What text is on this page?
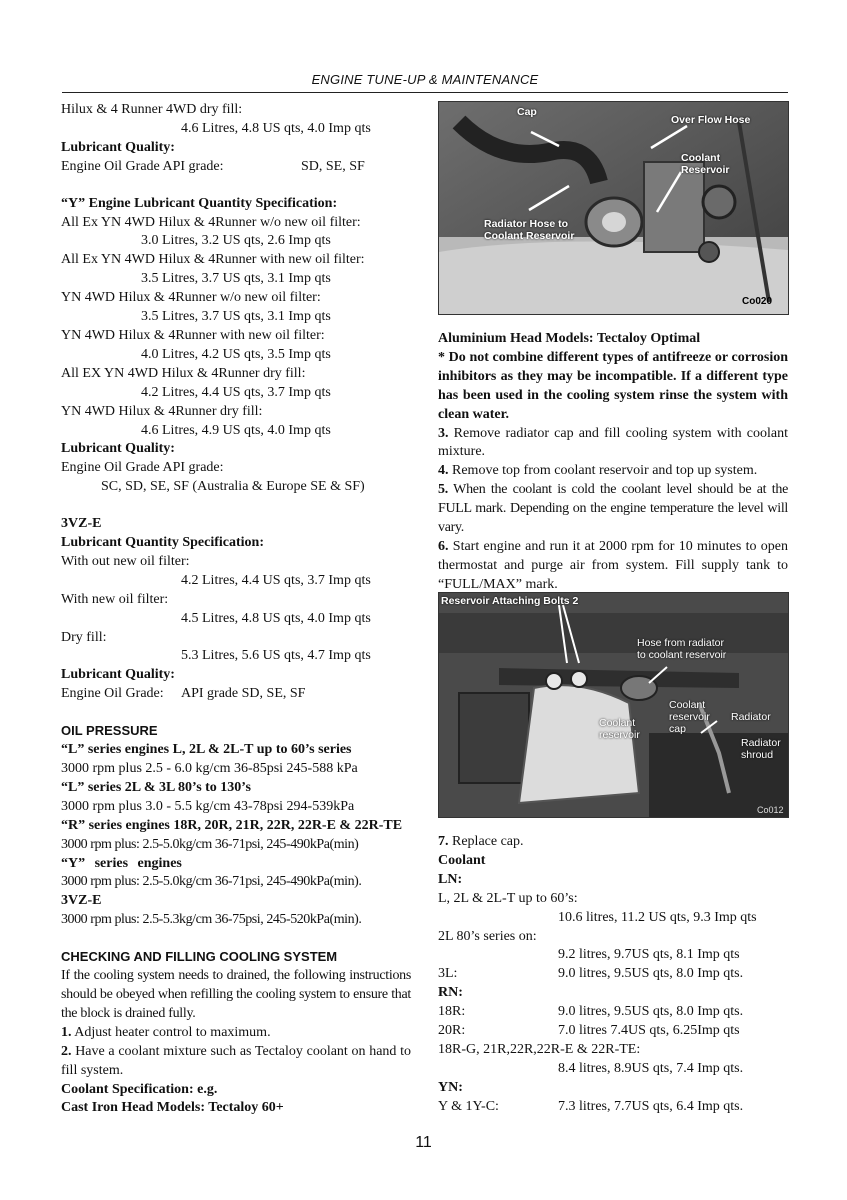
ENGINE TUNE-UP & MAINTENANCE
Hilux & 4 Runner 4WD dry fill:
4.6 Litres, 4.8 US qts, 4.0 Imp qts
Lubricant Quality:
Engine Oil Grade API grade:	SD, SE, SF
“Y” Engine Lubricant Quantity Specification:
All Ex YN 4WD Hilux & 4Runner w/o new oil filter:
3.0 Litres, 3.2 US qts, 2.6 Imp qts
All Ex YN 4WD Hilux & 4Runner with new oil filter:
3.5 Litres, 3.7 US qts, 3.1 Imp qts
YN 4WD Hilux & 4Runner w/o new oil filter:
3.5 Litres, 3.7 US qts, 3.1 Imp qts
YN 4WD Hilux & 4Runner with new oil filter:
4.0 Litres, 4.2 US qts, 3.5 Imp qts
All EX YN 4WD Hilux & 4Runner dry fill:
4.2 Litres, 4.4 US qts, 3.7 Imp qts
YN 4WD Hilux & 4Runner dry fill:
4.6 Litres, 4.9 US qts, 4.0 Imp qts
Lubricant Quality:
Engine Oil Grade API grade:
SC, SD, SE, SF (Australia & Europe SE & SF)
3VZ-E
Lubricant Quantity Specification:
With out new oil filter:
4.2 Litres, 4.4 US qts, 3.7 Imp qts
With new oil filter:
4.5 Litres, 4.8 US qts, 4.0 Imp qts
Dry fill:
5.3 Litres, 5.6 US qts, 4.7 Imp qts
Lubricant Quality:
Engine Oil Grade: API grade SD, SE, SF
OIL PRESSURE
“L” series engines L, 2L & 2L-T up to 60’s series
3000 rpm plus 2.5 - 6.0 kg/cm 36-85psi 245-588 kPa
“L” series 2L & 3L 80’s to 130’s
3000 rpm plus 3.0 - 5.5 kg/cm 43-78psi 294-539kPa
“R” series engines 18R, 20R, 21R, 22R, 22R-E & 22R-TE
3000 rpm plus: 2.5-5.0kg/cm 36-71psi, 245-490kPa(min)
“Y” series engines
3000 rpm plus: 2.5-5.0kg/cm 36-71psi, 245-490kPa(min).
3VZ-E
3000 rpm plus: 2.5-5.3kg/cm 36-75psi, 245-520kPa(min).
CHECKING AND FILLING COOLING SYSTEM
If the cooling system needs to drained, the following instructions should be obeyed when refilling the cooling system to ensure that the block is drained fully.
1. Adjust heater control to maximum.
2. Have a coolant mixture such as Tectaloy coolant on hand to fill system.
Coolant Specification: e.g.
Cast Iron Head Models: Tectaloy 60+
Cap
Over Flow Hose
Coolant
Reservoir
Radiator Hose to
Coolant Reservoir
Co020
Aluminium Head Models: Tectaloy Optimal
* Do not combine different types of antifreeze or corrosion inhibitors as they may be incompatible. If a different type has been used in the cooling system rinse the system with clean water.
3. Remove radiator cap and fill cooling system with coolant mixture.
4. Remove top from coolant reservoir and top up system.
5. When the coolant is cold the coolant level should be at the FULL mark. Depending on the engine temperature the level will vary.
6. Start engine and run it at 2000 rpm for 10 minutes to open thermostat and purge air from system. Fill supply tank to “FULL/MAX” mark.
Reservoir Attaching Bolts 2
Hose from radiator
to coolant reservoir
Coolant
reservoir
cap
Coolant
reservoir
Radiator
Radiator
shroud
Co012
7. Replace cap.
Coolant
LN:
L, 2L & 2L-T up to 60’s:
10.6 litres, 11.2 US qts, 9.3 Imp qts
2L 80’s series on:
9.2 litres, 9.7US qts, 8.1 Imp qts
3L:	9.0 litres, 9.5US qts, 8.0 Imp qts.
RN:
18R:	9.0 litres, 9.5US qts, 8.0 Imp qts.
20R:	7.0 litres 7.4US qts, 6.25Imp qts
18R-G, 21R,22R,22R-E & 22R-TE:
8.4 litres, 8.9US qts, 7.4 Imp qts.
YN:
Y & 1Y-C:	7.3 litres, 7.7US qts, 6.4 Imp qts.
11
